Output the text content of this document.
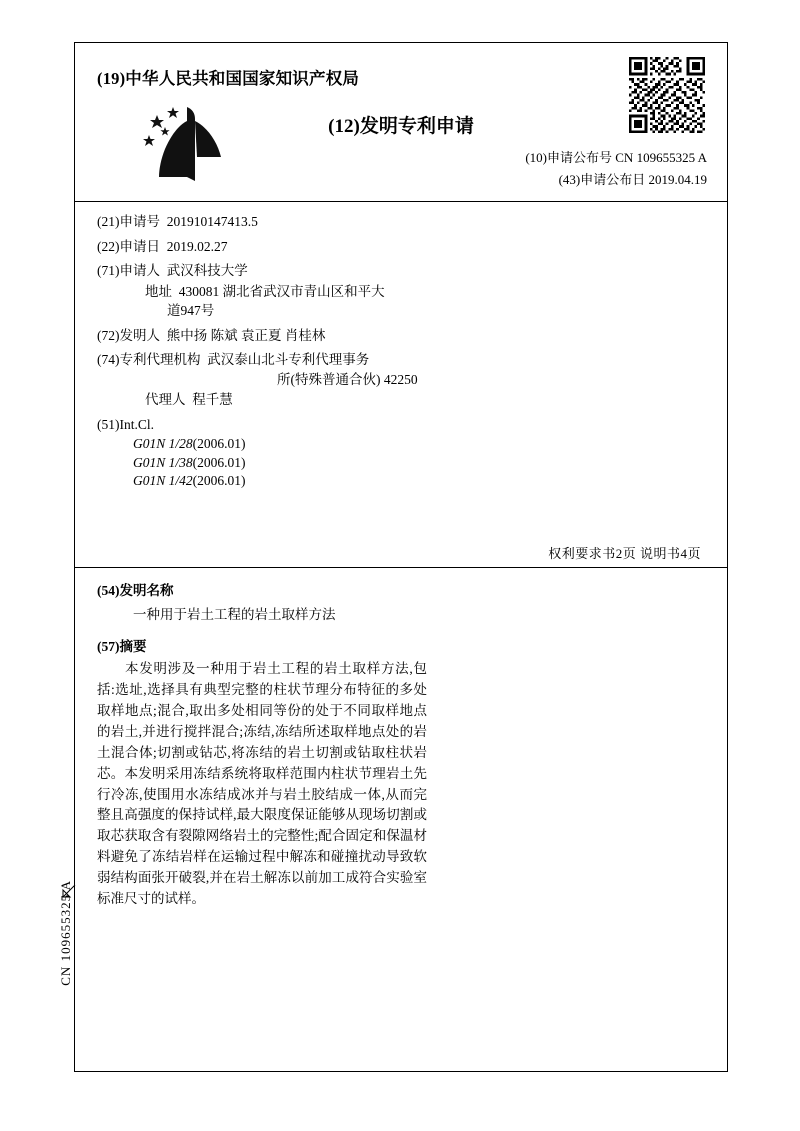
(19)中华人民共和国国家知识产权局
(12)发明专利申请
(10)申请公布号 CN 109655325 A
(43)申请公布日 2019.04.19
(21)申请号 201910147413.5
(22)申请日 2019.02.27
(71)申请人 武汉科技大学
地址 430081 湖北省武汉市青山区和平大
道947号
(72)发明人 熊中扬 陈斌 袁正夏 肖桂林
(74)专利代理机构 武汉泰山北斗专利代理事务
所(特殊普通合伙) 42250
代理人 程千慧
(51)Int.Cl.
G01N 1/28(2006.01)
G01N 1/38(2006.01)
G01N 1/42(2006.01)
权利要求书2页 说明书4页
(54)发明名称
一种用于岩土工程的岩土取样方法
(57)摘要

本发明涉及一种用于岩土工程的岩土取样方法,包括:选址,选择具有典型完整的柱状节理分布特征的多处取样地点;混合,取出多处相同等份的处于不同取样地点的岩土,并进行搅拌混合;冻结,冻结所述取样地点处的岩土混合体;切割或钻芯,将冻结的岩土切割或钻取柱状岩芯。本发明采用冻结系统将取样范围内柱状节理岩土先行冷冻,使围用水冻结成冰并与岩土胶结成一体,从而完整且高强度的保持试样,最大限度保证能够从现场切割或取芯获取含有裂隙网络岩土的完整性;配合固定和保温材料避免了冻结岩样在运输过程中解冻和碰撞扰动导致软弱结构面张开破裂,并在岩土解冻以前加工成符合实验室标准尺寸的试样。

CN 109655325 A
